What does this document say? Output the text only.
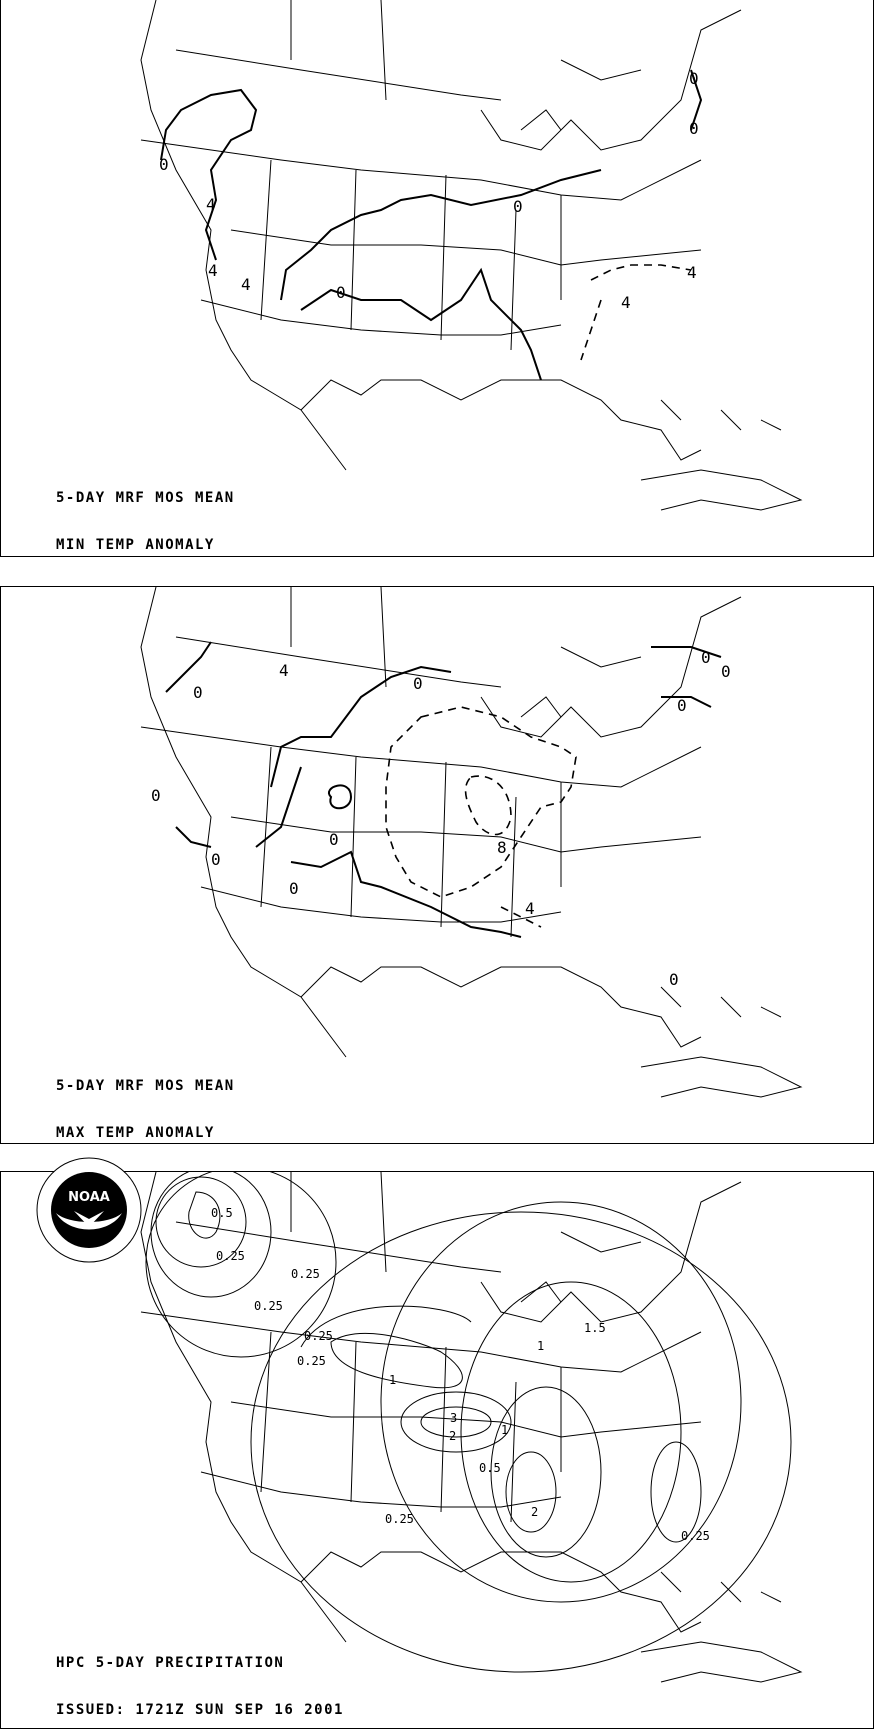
0
0
0
4
4
4
0
0
4
4

5-DAY MRF MOS MEAN

MIN TEMP ANOMALY

0
4
0
0
0
0
0
0
0
8
4
0
0

5-DAY MRF MOS MEAN

MAX TEMP ANOMALY

0.5
0.25
0.25
0.25
0.25
0.25
1
3
2	1
0.5
0.25	2
1
1.5
0.25

HPC 5-DAY PRECIPITATION

ISSUED: 1721Z SUN SEP 16 2001

NOAA
